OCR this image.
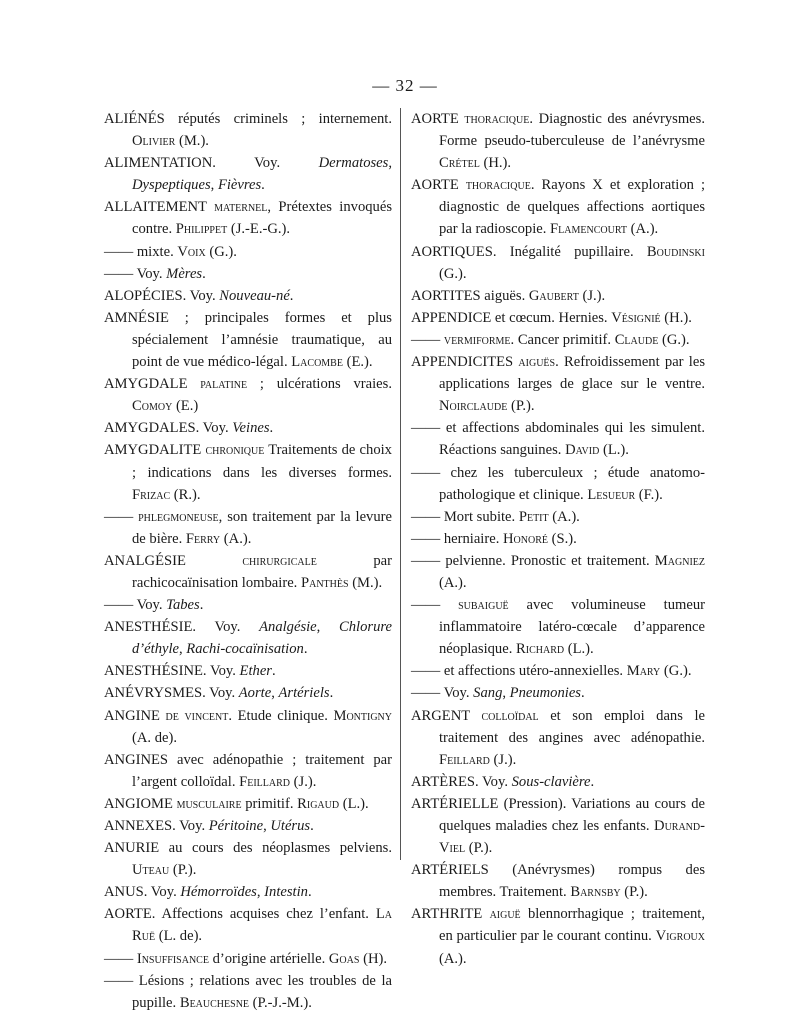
— 32 —
ALIÉNÉS réputés criminels ; internement. Olivier (M.).
ALIMENTATION. Voy. Dermatoses, Dyspeptiques, Fièvres.
ALLAITEMENT maternel, Prétextes invoqués contre. Philippet (J.-E.-G.).
—— mixte. Voix (G.).
—— Voy. Mères.
ALOPÉCIES. Voy. Nouveau-né.
AMNÉSIE ; principales formes et plus spécialement l’amnésie traumatique, au point de vue médico-légal. Lacombe (E.).
AMYGDALE palatine ; ulcérations vraies. Comoy (E.)
AMYGDALES. Voy. Veines.
AMYGDALITE chronique Traitements de choix ; indications dans les diverses formes. Frizac (R.).
—— phlegmoneuse, son traitement par la levure de bière. Ferry (A.).
ANALGÉSIE chirurgicale par rachicocaïnisation lombaire. Panthès (M.).
—— Voy. Tabes.
ANESTHÉSIE. Voy. Analgésie, Chlorure d’éthyle, Rachi-cocaïnisation.
ANESTHÉSINE. Voy. Ether.
ANÉVRYSMES. Voy. Aorte, Artériels.
ANGINE de vincent. Etude clinique. Montigny (A. de).
ANGINES avec adénopathie ; traitement par l’argent colloïdal. Feillard (J.).
ANGIOME musculaire primitif. Rigaud (L.).
ANNEXES. Voy. Péritoine, Utérus.
ANURIE au cours des néoplasmes pelviens. Uteau (P.).
ANUS. Voy. Hémorroïdes, Intestin.
AORTE. Affections acquises chez l’enfant. La Ruë (L. de).
—— Insuffisance d’origine artérielle. Goas (H).
—— Lésions ; relations avec les troubles de la pupille. Beauchesne (P.-J.-M.).
AORTE thoracique. Diagnostic des anévrysmes. Forme pseudo-tuberculeuse de l’anévrysme Crétel (H.).
AORTE thoracique. Rayons X et exploration ; diagnostic de quelques affections aortiques par la radioscopie. Flamencourt (A.).
AORTIQUES. Inégalité pupillaire. Boudinski (G.).
AORTITES aiguës. Gaubert (J.).
APPENDICE et cœcum. Hernies. Vésignié (H.).
—— vermiforme. Cancer primitif. Claude (G.).
APPENDICITES aiguës. Refroidissement par les applications larges de glace sur le ventre. Noirclaude (P.).
—— et affections abdominales qui les simulent. Réactions sanguines. David (L.).
—— chez les tuberculeux ; étude anatomo-pathologique et clinique. Lesueur (F.).
—— Mort subite. Petit (A.).
—— herniaire. Honoré (S.).
—— pelvienne. Pronostic et traitement. Magniez (A.).
—— subaiguë avec volumineuse tumeur inflammatoire latéro-cœcale d’apparence néoplasique. Richard (L.).
—— et affections utéro-annexielles. Mary (G.).
—— Voy. Sang, Pneumonies.
ARGENT colloïdal et son emploi dans le traitement des angines avec adénopathie. Feillard (J.).
ARTÈRES. Voy. Sous-clavière.
ARTÉRIELLE (Pression). Variations au cours de quelques maladies chez les enfants. Durand-Viel (P.).
ARTÉRIELS (Anévrysmes) rompus des membres. Traitement. Barnsby (P.).
ARTHRITE aiguë blennorrhagique ; traitement, en particulier par le courant continu. Vigroux (A.).
